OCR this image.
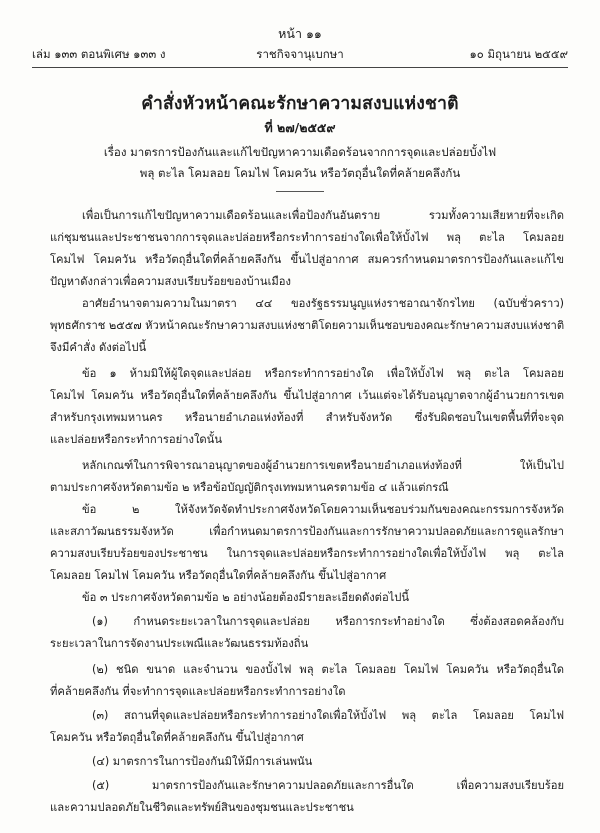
หน้า ๑๑
เล่ม ๑๓๓ ตอนพิเศษ ๑๓๓ ง	ราชกิจจานุเบกษา	๑๐ มิถุนายน ๒๕๕๙
คำสั่งหัวหน้าคณะรักษาความสงบแห่งชาติ
ที่ ๒๗/๒๕๕๙
เรื่อง มาตรการป้องกันและแก้ไขปัญหาความเดือดร้อนจากการจุดและปล่อยบั้งไฟ
พลุ ตะไล โคมลอย โคมไฟ โคมควัน หรือวัตถุอื่นใดที่คล้ายคลึงกัน
เพื่อเป็นการแก้ไขปัญหาความเดือดร้อนและเพื่อป้องกันอันตราย รวมทั้งความเสียหายที่จะเกิด
แก่ชุมชนและประชาชนจากการจุดและปล่อยหรือกระทำการอย่างใดเพื่อให้บั้งไฟ พลุ ตะไล โคมลอย
โคมไฟ โคมควัน หรือวัตถุอื่นใดที่คล้ายคลึงกัน ขึ้นไปสู่อากาศ สมควรกำหนดมาตรการป้องกันและแก้ไข
ปัญหาดังกล่าวเพื่อความสงบเรียบร้อยของบ้านเมือง
อาศัยอำนาจตามความในมาตรา ๔๔ ของรัฐธรรมนูญแห่งราชอาณาจักรไทย (ฉบับชั่วคราว)
พุทธศักราช ๒๕๕๗ หัวหน้าคณะรักษาความสงบแห่งชาติโดยความเห็นชอบของคณะรักษาความสงบแห่งชาติ
จึงมีคำสั่ง ดังต่อไปนี้
ข้อ ๑ ห้ามมิให้ผู้ใดจุดและปล่อย หรือกระทำการอย่างใด เพื่อให้บั้งไฟ พลุ ตะไล โคมลอย
โคมไฟ โคมควัน หรือวัตถุอื่นใดที่คล้ายคลึงกัน ขึ้นไปสู่อากาศ เว้นแต่จะได้รับอนุญาตจากผู้อำนวยการเขต
สำหรับกรุงเทพมหานคร หรือนายอำเภอแห่งท้องที่ สำหรับจังหวัด ซึ่งรับผิดชอบในเขตพื้นที่ที่จะจุด
และปล่อยหรือกระทำการอย่างใดนั้น
หลักเกณฑ์ในการพิจารณาอนุญาตของผู้อำนวยการเขตหรือนายอำเภอแห่งท้องที่ ให้เป็นไป
ตามประกาศจังหวัดตามข้อ ๒ หรือข้อบัญญัติกรุงเทพมหานครตามข้อ ๔ แล้วแต่กรณี
ข้อ ๒ ให้จังหวัดจัดทำประกาศจังหวัดโดยความเห็นชอบร่วมกันของคณะกรรมการจังหวัด
และสภาวัฒนธรรมจังหวัด เพื่อกำหนดมาตรการป้องกันและการรักษาความปลอดภัยและการดูแลรักษา
ความสงบเรียบร้อยของประชาชน ในการจุดและปล่อยหรือกระทำการอย่างใดเพื่อให้บั้งไฟ พลุ ตะไล
โคมลอย โคมไฟ โคมควัน หรือวัตถุอื่นใดที่คล้ายคลึงกัน ขึ้นไปสู่อากาศ
ข้อ ๓ ประกาศจังหวัดตามข้อ ๒ อย่างน้อยต้องมีรายละเอียดดังต่อไปนี้
(๑) กำหนดระยะเวลาในการจุดและปล่อย หรือการกระทำอย่างใด ซึ่งต้องสอดคล้องกับ
ระยะเวลาในการจัดงานประเพณีและวัฒนธรรมท้องถิ่น
(๒) ชนิด ขนาด และจำนวน ของบั้งไฟ พลุ ตะไล โคมลอย โคมไฟ โคมควัน หรือวัตถุอื่นใด
ที่คล้ายคลึงกัน ที่จะทำการจุดและปล่อยหรือกระทำการอย่างใด
(๓) สถานที่จุดและปล่อยหรือกระทำการอย่างใดเพื่อให้บั้งไฟ พลุ ตะไล โคมลอย โคมไฟ
โคมควัน หรือวัตถุอื่นใดที่คล้ายคลึงกัน ขึ้นไปสู่อากาศ
(๔) มาตรการในการป้องกันมิให้มีการเล่นพนัน
(๕) มาตรการป้องกันและรักษาความปลอดภัยและการอื่นใด เพื่อความสงบเรียบร้อย
และความปลอดภัยในชีวิตและทรัพย์สินของชุมชนและประชาชน
